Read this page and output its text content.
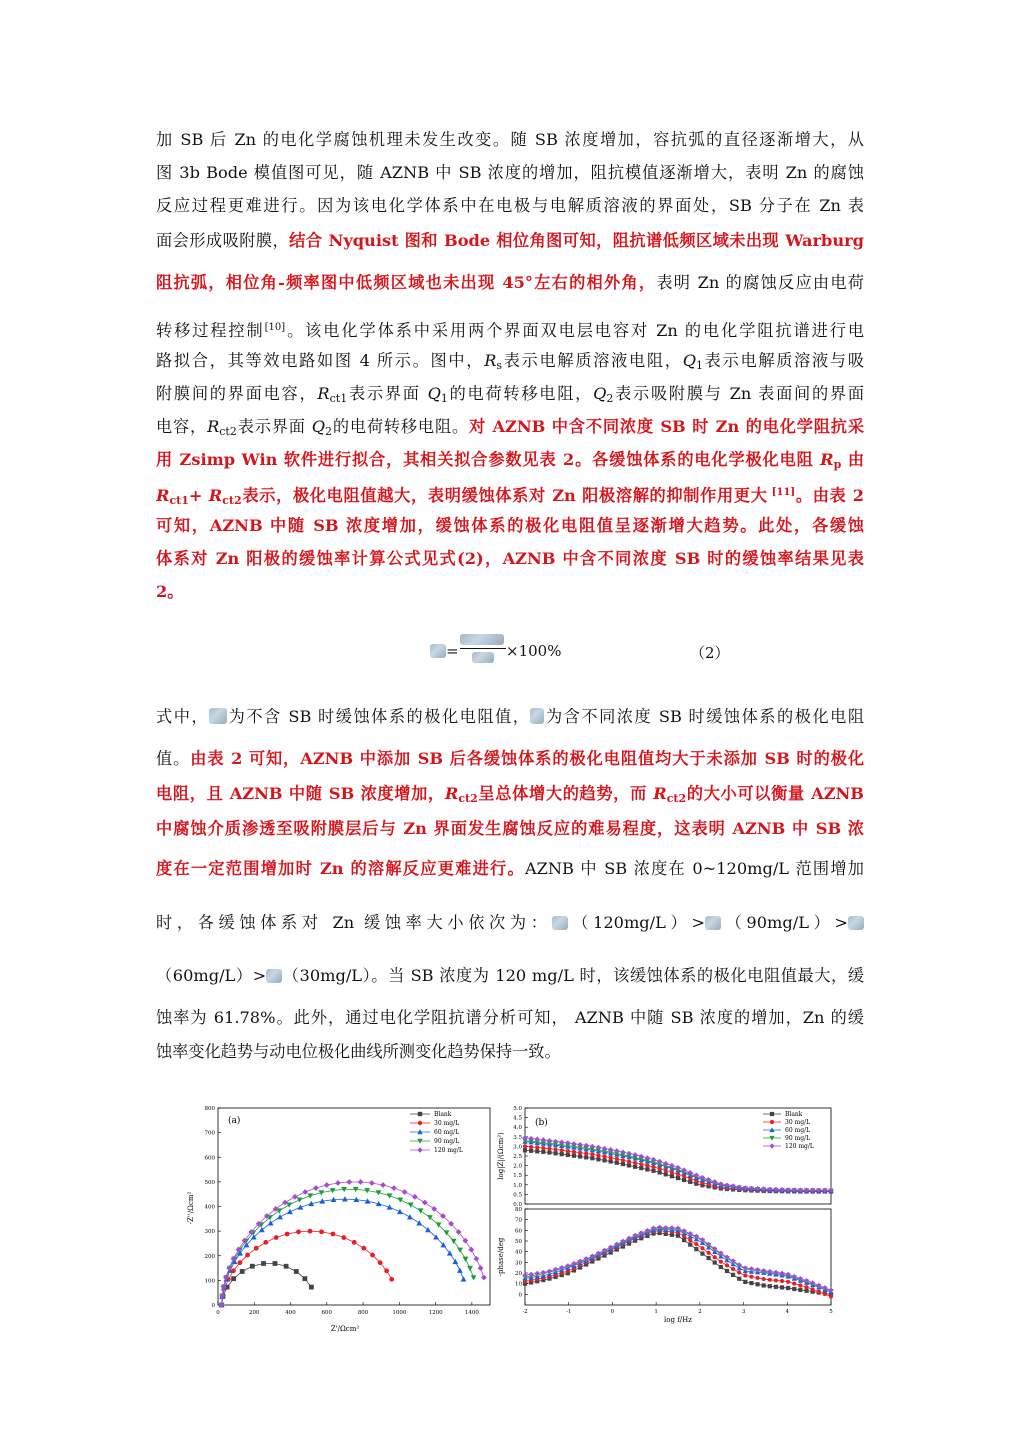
加 SB 后 Zn 的电化学腐蚀机理未发生改变。随 SB 浓度增加，容抗弧的直径逐渐增大，从
图 3b Bode 模值图可见，随 AZNB 中 SB 浓度的增加，阻抗模值逐渐增大，表明 Zn 的腐蚀
反应过程更难进行。因为该电化学体系中在电极与电解质溶液的界面处，SB 分子在 Zn 表
面会形成吸附膜，结合 Nyquist 图和 Bode 相位角图可知，阻抗谱低频区域未出现 Warburg
阻抗弧，相位角-频率图中低频区域也未出现 45°左右的相外角，表明 Zn 的腐蚀反应由电荷
转移过程控制[10]。该电化学体系中采用两个界面双电层电容对 Zn 的电化学阻抗谱进行电
路拟合，其等效电路如图 4 所示。图中，$R_s$表示电解质溶液电阻，$Q_1$表示电解质溶液与吸
附膜间的界面电容，$R_{ct1}$表示界面 $Q_1$的电荷转移电阻，$Q_2$表示吸附膜与 Zn 表面间的界面
电容，$R_{ct2}$表示界面 $Q_2$的电荷转移电阻。对 AZNB 中含不同浓度 SB 时 Zn 的电化学阻抗采
用 Zsimp Win 软件进行拟合，其相关拟合参数见表 2。各缓蚀体系的电化学极化电阻 $R_p$ 由
$R_{ct1}+ R_{ct2}$表示，极化电阻值越大，表明缓蚀体系对 Zn 阳极溶解的抑制作用更大 [11]。由表 2
可知，AZNB 中随 SB 浓度增加，缓蚀体系的极化电阻值呈逐渐增大趋势。此处，各缓蚀
体系对 Zn 阳极的缓蚀率计算公式见式(2)，AZNB 中含不同浓度 SB 时的缓蚀率结果见表
2。
=	×100%	（2）
式中， 为不含 SB 时缓蚀体系的极化电阻值， 为含不同浓度 SB 时缓蚀体系的极化电阻
值。由表 2 可知，AZNB 中添加 SB 后各缓蚀体系的极化电阻值均大于未添加 SB 时的极化
电阻，且 AZNB 中随 SB 浓度增加，$R_{ct2}$呈总体增大的趋势，而 $R_{ct2}$的大小可以衡量 AZNB
中腐蚀介质渗透至吸附膜层后与 Zn 界面发生腐蚀反应的难易程度，这表明 AZNB 中 SB 浓
度在一定范围增加时 Zn 的溶解反应更难进行。AZNB 中 SB 浓度在 0~120mg/L 范围增加
时，各缓蚀体系对 Zn 缓蚀率大小依次为： （120mg/L）> （90mg/L）>
（60mg/L）> （30mg/L）。当 SB 浓度为 120 mg/L 时，该缓蚀体系的极化电阻值最大，缓
蚀率为 61.78%。此外，通过电化学阻抗谱分析可知， AZNB 中随 SB 浓度的增加，Zn 的缓
蚀率变化趋势与动电位极化曲线所测变化趋势保持一致。
(a)
0	200	400	600	800	1000	1200	1400
0
100
200
300
400
500
600
700
800
Z'/Ωcm²
-Z''/Ωcm²
Blank
30 mg/L
60 mg/L
90 mg/L
120 mg/L
(b)
0.0
0.5
1.0
1.5
2.0
2.5
3.0
3.5
4.0
4.5
5.0
0
10
20
30
40
50
60
70
80
-2	-1	0	1	2	3	4	5
log f/Hz
log|Z|/(Ωcm²)
-phase/deg
Blank
30 mg/L
60 mg/L
90 mg/L
120 mg/L
